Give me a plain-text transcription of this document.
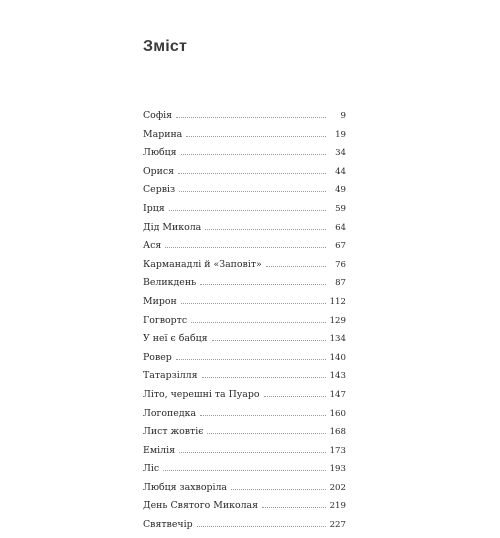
Зміст
Софія	9
Марина	19
Любця	34
Орися	44
Сервіз	49
Ірця	59
Дід Микола	64
Ася	67
Карманадлі й «Заповіт»	76
Великдень	87
Мирон	112
Гогвортс	129
У неї є бабця	134
Ровер	140
Татарзілля	143
Літо, черешні та Пуаро	147
Логопедка	160
Лист жовтіє	168
Емілія	173
Ліс	193
Любця захворіла	202
День Святого Миколая	219
Святвечір	227
